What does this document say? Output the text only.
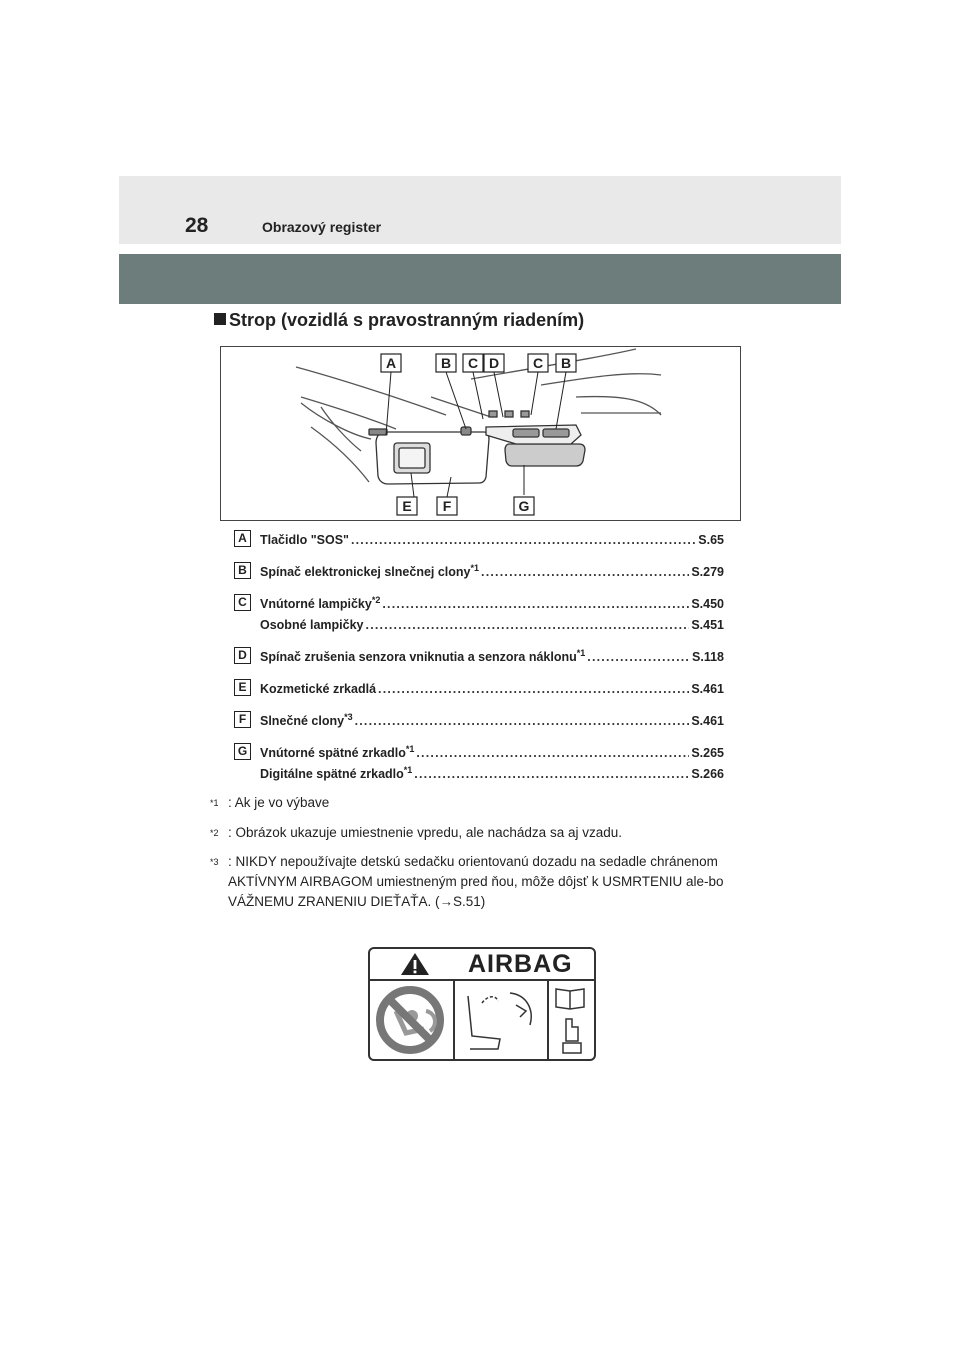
28	Obrazový register
Strop (vozidlá s pravostranným riadením)
A	B C D C B
E F	G
A	Tlačidlo "SOS" .....	S.65
B	Spínač elektronickej slnečnej clony$^{*1}$ .....	S.279
C	Vnútorné lampičky$^{*2}$ .....	S.450
Osobné lampičky .....	S.451
D	Spínač zrušenia senzora vniknutia a senzora náklonu$^{*1}$ .....	S.118
E	Kozmetické zrkadlá .....	S.461
F	Slnečné clony$^{*3}$ .....	S.461
G	Vnútorné spätné zrkadlo$^{*1}$ .....	S.265
Digitálne spätné zrkadlo$^{*1}$ .....	S.266
$^{*1}$ : Ak je vo výbave
$^{*2}$ : Obrázok ukazuje umiestnenie vpredu, ale nachádza sa aj vzadu.
$^{*3}$ : NIKDY nepoužívajte detskú sedačku orientovanú dozadu na sedadle chránenom AKTÍVNYM AIRBAGOM umiestneným pred ňou, môže dôjsť k USMRTENIU ale-bo VÁŽNEMU ZRANENIU DIEŤAŤA. (→S.51)
AIRBAG
